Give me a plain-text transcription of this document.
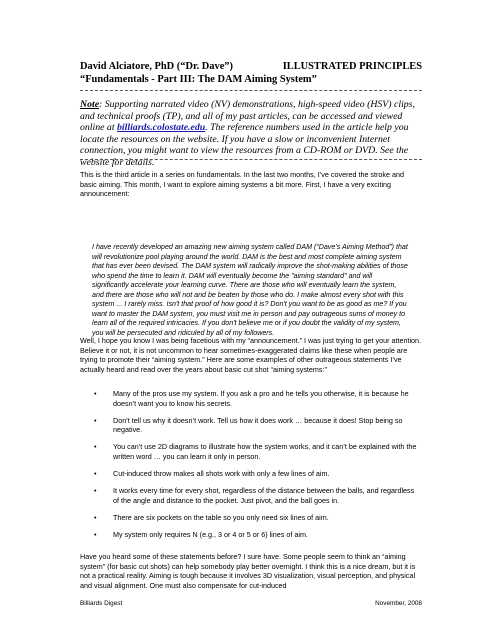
David Alciatore, PhD (“Dr. Dave”)	ILLUSTRATED PRINCIPLES
“Fundamentals - Part III: The DAM Aiming System”
Note: Supporting narrated video (NV) demonstrations, high-speed video (HSV) clips, and technical proofs (TP), and all of my past articles, can be accessed and viewed online at billiards.colostate.edu. The reference numbers used in the article help you locate the resources on the website. If you have a slow or inconvenient Internet connection, you might want to view the resources from a CD-ROM or DVD. See the website for details.
This is the third article in a series on fundamentals. In the last two months, I’ve covered the stroke and basic aiming. This month, I want to explore aiming systems a bit more. First, I have a very exciting announcement:
I have recently developed an amazing new aiming system called DAM (“Dave’s Aiming Method”) that will revolutionize pool playing around the world. DAM is the best and most complete aiming system that has ever been devised. The DAM system will radically improve the shot-making abilities of those who spend the time to learn it. DAM will eventually become the "aiming standard" and will significantly accelerate your learning curve. There are those who will eventually learn the system, and there are those who will not and be beaten by those who do. I make almost every shot with this system ... I rarely miss. Isn't that proof of how good it is? Don't you want to be as good as me? If you want to master the DAM system, you must visit me in person and pay outrageous sums of money to learn all of the required intricacies. If you don't believe me or if you doubt the validity of my system, you will be persecuted and ridiculed by all of my followers.
Well, I hope you know I was being facetious with my “announcement.” I was just trying to get your attention. Believe it or not, it is not uncommon to hear sometimes-exaggerated claims like these when people are trying to promote their “aiming system.” Here are some examples of other outrageous statements I’ve actually heard and read over the years about basic cut shot “aiming systems:”
• Many of the pros use my system. If you ask a pro and he tells you otherwise, it is because he doesn’t want you to know his secrets.
• Don’t tell us why it doesn’t work. Tell us how it does work … because it does! Stop being so negative.
• You can’t use 2D diagrams to illustrate how the system works, and it can’t be explained with the written word … you can learn it only in person.
• Cut-induced throw makes all shots work with only a few lines of aim.
• It works every time for every shot, regardless of the distance between the balls, and regardless of the angle and distance to the pocket. Just pivot, and the ball goes in.
• There are six pockets on the table so you only need six lines of aim.
• My system only requires N (e.g., 3 or 4 or 5 or 6) lines of aim.
Have you heard some of these statements before? I sure have. Some people seem to think an “aiming system” (for basic cut shots) can help somebody play better overnight. I think this is a nice dream, but it is not a practical reality. Aiming is tough because it involves 3D visualization, visual perception, and physical and visual alignment. One must also compensate for cut-induced
Billiards Digest	November, 2008
